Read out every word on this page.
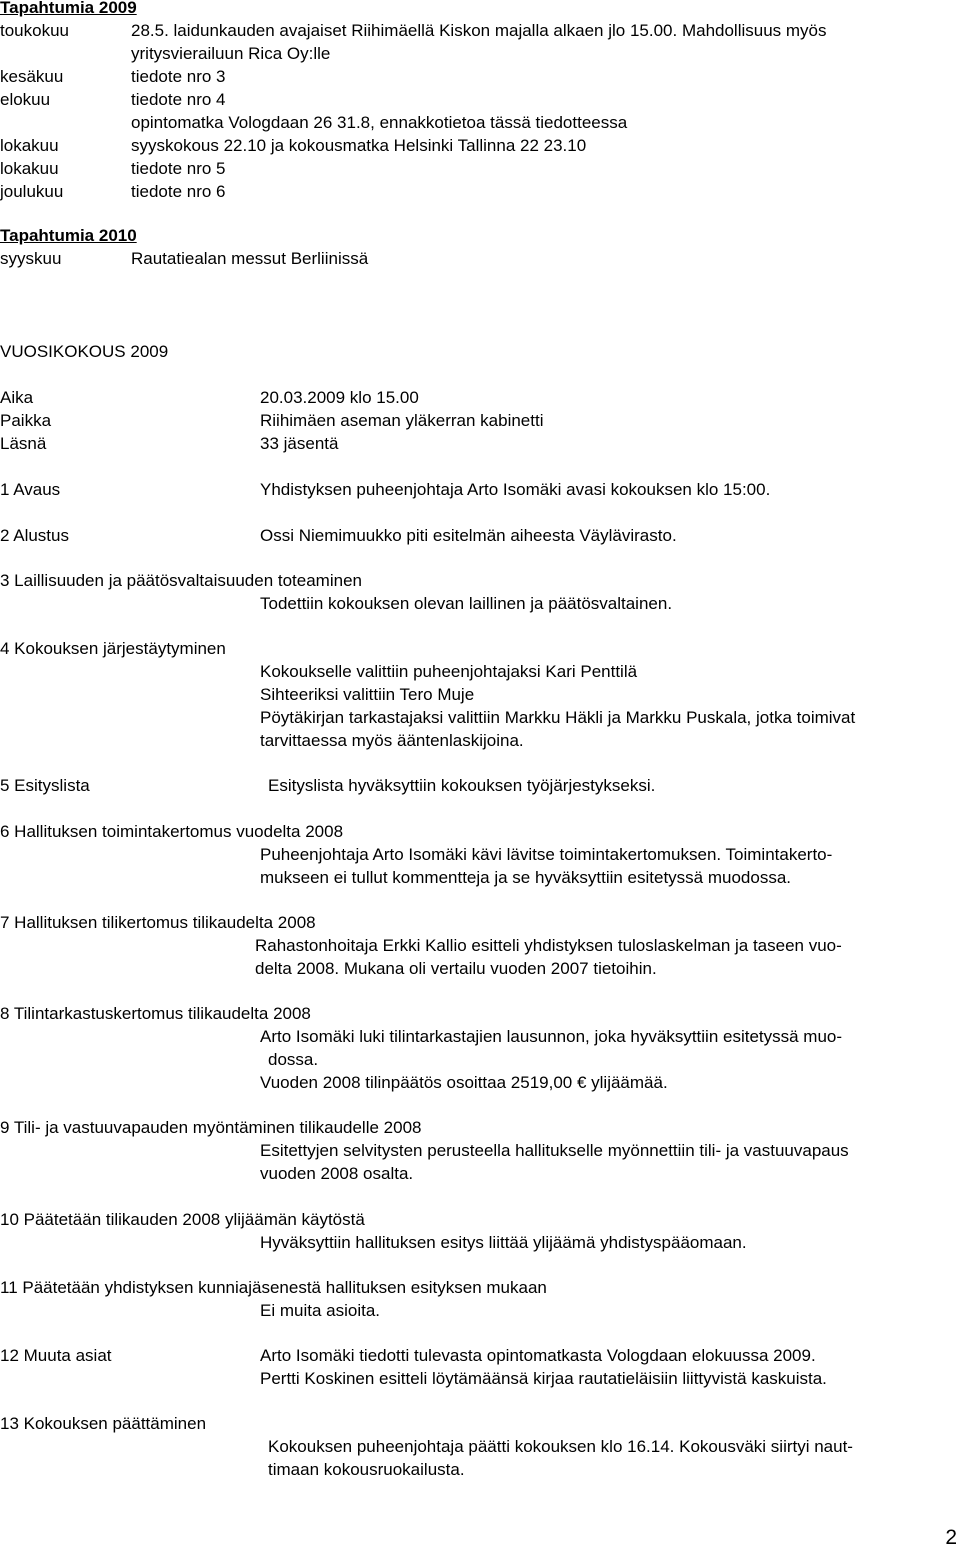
Tapahtumia 2009
toukokuu	28.5. laidunkauden avajaiset Riihimäellä Kiskon majalla alkaen jlo 15.00. Mahdollisuus myös
yritysvierailuun Rica Oy:lle
kesäkuu	tiedote nro 3
elokuu	tiedote nro 4
opintomatka Vologdaan 26 31.8, ennakkotietoa tässä tiedotteessa
lokakuu	syyskokous 22.10 ja kokousmatka Helsinki Tallinna 22 23.10
lokakuu	tiedote nro 5
joulukuu	tiedote nro 6
Tapahtumia 2010
syyskuu	Rautatiealan messut Berliinissä
VUOSIKOKOUS 2009
Aika	20.03.2009 klo 15.00
Paikka	Riihimäen aseman yläkerran kabinetti
Läsnä	33 jäsentä
1 Avaus	Yhdistyksen puheenjohtaja Arto Isomäki avasi kokouksen klo 15:00.
2 Alustus	Ossi Niemimuukko piti esitelmän aiheesta Väylävirasto.
3 Laillisuuden ja päätösvaltaisuuden toteaminen
Todettiin kokouksen olevan laillinen ja päätösvaltainen.
4 Kokouksen järjestäytyminen
Kokoukselle valittiin puheenjohtajaksi Kari Penttilä
Sihteeriksi valittiin Tero Muje
Pöytäkirjan tarkastajaksi valittiin Markku Häkli ja Markku Puskala, jotka toimivat
tarvittaessa myös ääntenlaskijoina.
5 Esityslista	Esityslista hyväksyttiin kokouksen työjärjestykseksi.
6 Hallituksen toimintakertomus vuodelta 2008
Puheenjohtaja Arto Isomäki kävi lävitse toimintakertomuksen. Toimintakerto-
mukseen ei tullut kommentteja ja se hyväksyttiin esitetyssä muodossa.
7 Hallituksen tilikertomus tilikaudelta 2008
Rahastonhoitaja Erkki Kallio esitteli yhdistyksen tuloslaskelman ja taseen vuo-
delta 2008. Mukana oli vertailu vuoden 2007 tietoihin.
8 Tilintarkastuskertomus tilikaudelta 2008
Arto Isomäki luki tilintarkastajien lausunnon, joka hyväksyttiin esitetyssä muo-
dossa.
Vuoden 2008 tilinpäätös osoittaa 2519,00 € ylijäämää.
9 Tili- ja vastuuvapauden myöntäminen tilikaudelle 2008
Esitettyjen selvitysten perusteella hallitukselle myönnettiin tili- ja vastuuvapaus
vuoden 2008 osalta.
10 Päätetään tilikauden 2008 ylijäämän käytöstä
Hyväksyttiin hallituksen esitys liittää ylijäämä yhdistyspääomaan.
11 Päätetään yhdistyksen kunniajäsenestä hallituksen esityksen mukaan
Ei muita asioita.
12 Muuta asiat	Arto Isomäki tiedotti tulevasta opintomatkasta Vologdaan elokuussa 2009.
Pertti Koskinen esitteli löytämäänsä kirjaa rautatieläisiin liittyvistä kaskuista.
13 Kokouksen päättäminen
Kokouksen puheenjohtaja päätti kokouksen klo 16.14. Kokousväki siirtyi naut-
timaan kokousruokailusta.
2
